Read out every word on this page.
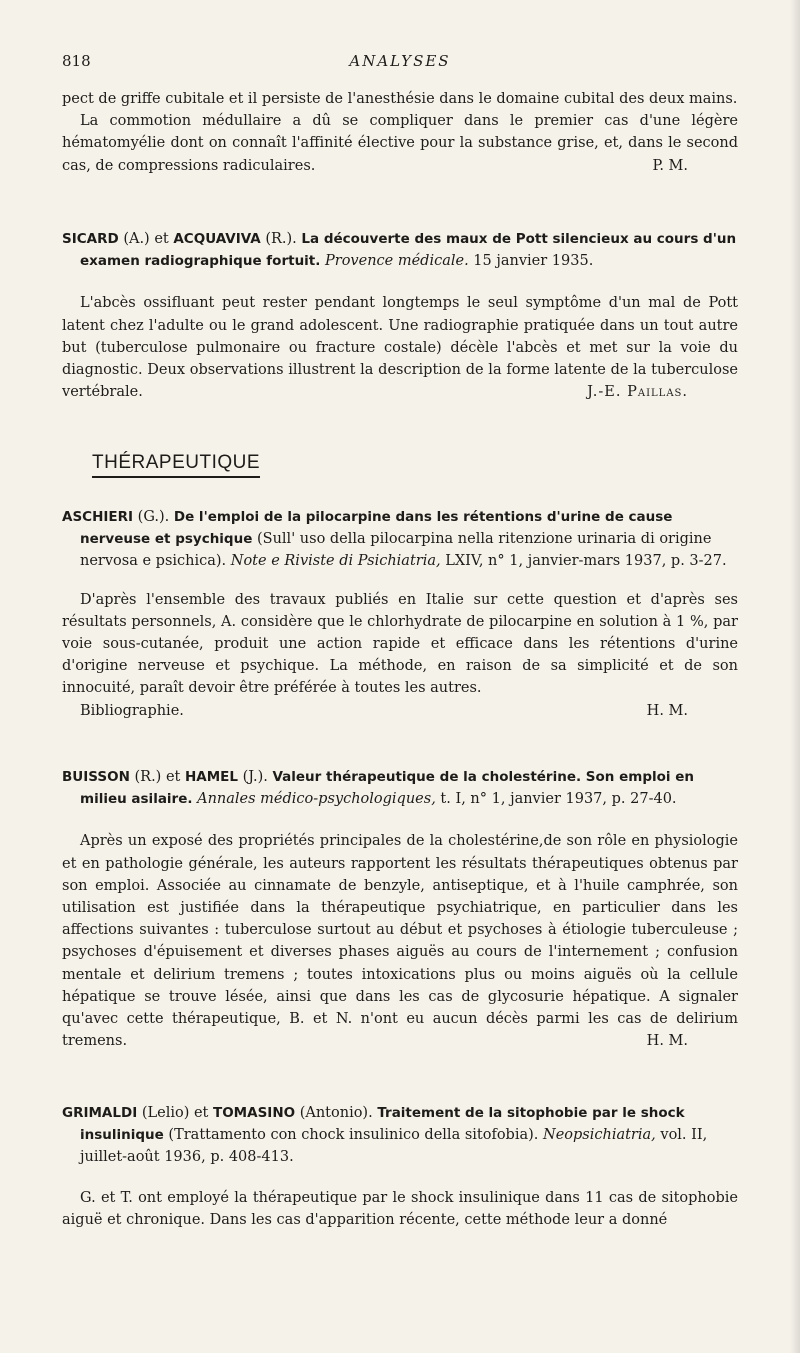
818	ANALYSES

pect de griffe cubitale et il persiste de l'anesthésie dans le domaine cubital des deux mains.

La commotion médullaire a dû se compliquer dans le premier cas d'une légère hématomyélie dont on connaît l'affinité élective pour la substance grise, et, dans le second cas, de compressions radiculaires.	P. M.

SICARD (A.) et ACQUAVIVA (R.). La découverte des maux de Pott silencieux au cours d'un examen radiographique fortuit. Provence médicale. 15 janvier 1935.

L'abcès ossifluant peut rester pendant longtemps le seul symptôme d'un mal de Pott latent chez l'adulte ou le grand adolescent. Une radiographie pratiquée dans un tout autre but (tuberculose pulmonaire ou fracture costale) décèle l'abcès et met sur la voie du diagnostic. Deux observations illustrent la description de la forme latente de la tuberculose vertébrale.	J.-E. Paillas.

THÉRAPEUTIQUE

ASCHIERI (G.). De l'emploi de la pilocarpine dans les rétentions d'urine de cause nerveuse et psychique (Sull' uso della pilocarpina nella ritenzione urinaria di origine nervosa e psichica). Note e Riviste di Psichiatria, LXIV, n° 1, janvier-mars 1937, p. 3-27.

D'après l'ensemble des travaux publiés en Italie sur cette question et d'après ses résultats personnels, A. considère que le chlorhydrate de pilocarpine en solution à 1 %, par voie sous-cutanée, produit une action rapide et efficace dans les rétentions d'urine d'origine nerveuse et psychique. La méthode, en raison de sa simplicité et de son innocuité, paraît devoir être préférée à toutes les autres.

Bibliographie.	H. M.

BUISSON (R.) et HAMEL (J.). Valeur thérapeutique de la cholestérine. Son emploi en milieu asilaire. Annales médico-psychologiques, t. I, n° 1, janvier 1937, p. 27-40.

Après un exposé des propriétés principales de la cholestérine,de son rôle en physiologie et en pathologie générale, les auteurs rapportent les résultats thérapeutiques obtenus par son emploi. Associée au cinnamate de benzyle, antiseptique, et à l'huile camphrée, son utilisation est justifiée dans la thérapeutique psychiatrique, en particulier dans les affections suivantes : tuberculose surtout au début et psychoses à étiologie tuberculeuse ; psychoses d'épuisement et diverses phases aiguës au cours de l'internement ; confusion mentale et delirium tremens ; toutes intoxications plus ou moins aiguës où la cellule hépatique se trouve lésée, ainsi que dans les cas de glycosurie hépatique. A signaler qu'avec cette thérapeutique, B. et N. n'ont eu aucun décès parmi les cas de delirium tremens.	H. M.

GRIMALDI (Lelio) et TOMASINO (Antonio). Traitement de la sitophobie par le shock insulinique (Trattamento con chock insulinico della sitofobia). Neopsichiatria, vol. II, juillet-août 1936, p. 408-413.

G. et T. ont employé la thérapeutique par le shock insulinique dans 11 cas de sitophobie aiguë et chronique. Dans les cas d'apparition récente, cette méthode leur a donné
